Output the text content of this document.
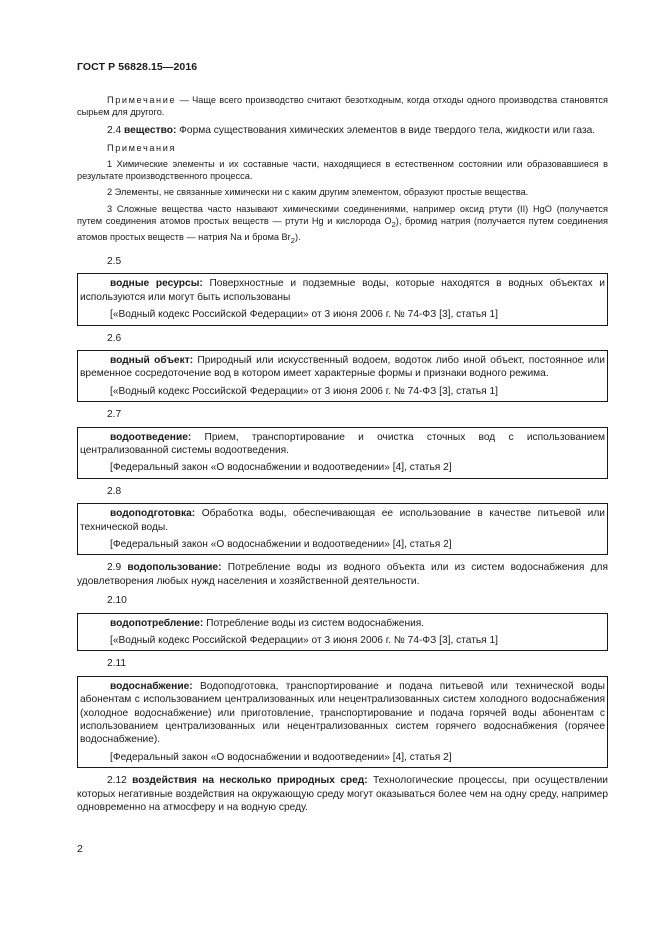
ГОСТ Р 56828.15—2016

Примечание — Чаще всего производство считают безотходным, когда отходы одного производства становятся сырьем для другого.

2.4 вещество: Форма существования химических элементов в виде твердого тела, жидкости или газа.

Примечания

1 Химические элементы и их составные части, находящиеся в естественном состоянии или образовавшиеся в результате производственного процесса.

2 Элементы, не связанные химически ни с каким другим элементом, образуют простые вещества.

3 Сложные вещества часто называют химическими соединениями, например оксид ртути (II) HgO (получается путем соединения атомов простых веществ — ртути Hg и кислорода $O_2$), бромид натрия (получается путем соединения атомов простых веществ — натрия Na и брома $Br_2$).

2.5

водные ресурсы: Поверхностные и подземные воды, которые находятся в водных объектах и используются или могут быть использованы

[«Водный кодекс Российской Федерации» от 3 июня 2006 г. № 74-ФЗ [3], статья 1]

2.6

водный объект: Природный или искусственный водоем, водоток либо иной объект, постоянное или временное сосредоточение вод в котором имеет характерные формы и признаки водного режима.

[«Водный кодекс Российской Федерации» от 3 июня 2006 г. № 74-ФЗ [3], статья 1]

2.7

водоотведение: Прием, транспортирование и очистка сточных вод с использованием централизованной системы водоотведения.

[Федеральный закон «О водоснабжении и водоотведении» [4], статья 2]

2.8

водоподготовка: Обработка воды, обеспечивающая ее использование в качестве питьевой или технической воды.

[Федеральный закон «О водоснабжении и водоотведении» [4], статья 2]

2.9 водопользование: Потребление воды из водного объекта или из систем водоснабжения для удовлетворения любых нужд населения и хозяйственной деятельности.

2.10

водопотребление: Потребление воды из систем водоснабжения.

[«Водный кодекс Российской Федерации» от 3 июня 2006 г. № 74-ФЗ [3], статья 1]

2.11

водоснабжение: Водоподготовка, транспортирование и подача питьевой или технической воды абонентам с использованием централизованных или нецентрализованных систем холодного водоснабжения (холодное водоснабжение) или приготовление, транспортирование и подача горячей воды абонентам с использованием централизованных или нецентрализованных систем горячего водоснабжения (горячее водоснабжение).

[Федеральный закон «О водоснабжении и водоотведении» [4], статья 2]

2.12 воздействия на несколько природных сред: Технологические процессы, при осуществлении которых негативные воздействия на окружающую среду могут оказываться более чем на одну среду, например одновременно на атмосферу и на водную среду.

2
